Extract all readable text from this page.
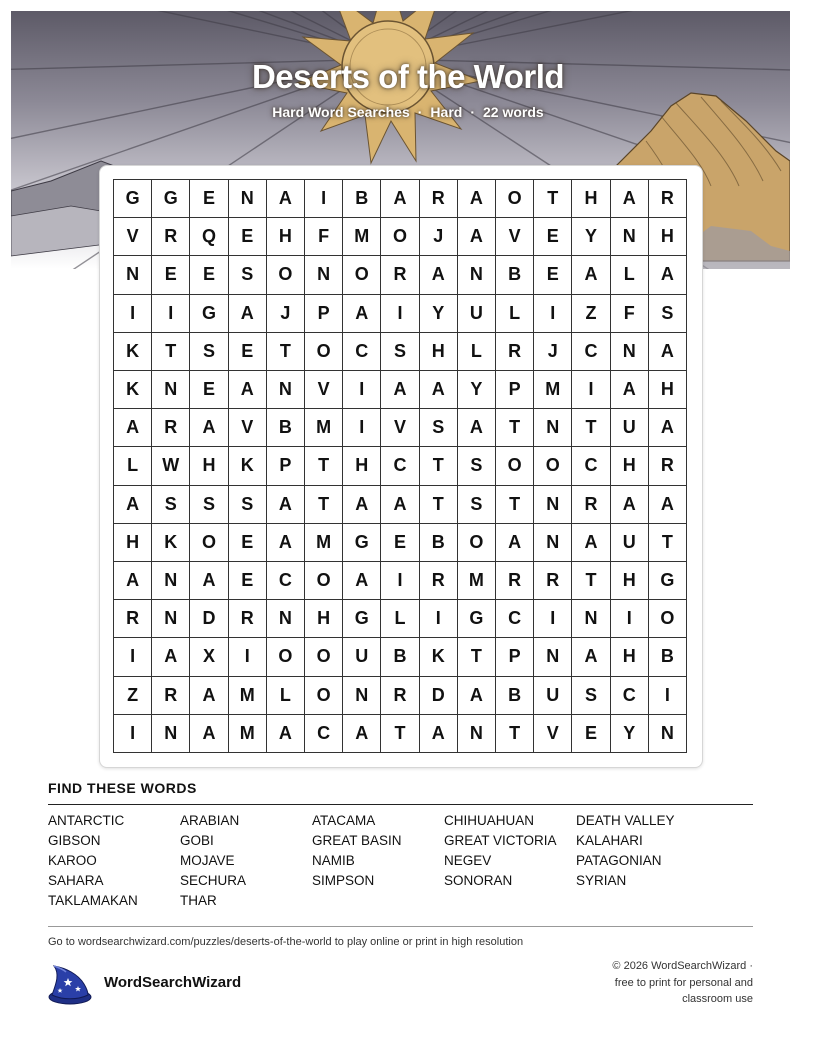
Deserts of the World
Hard Word Searches · Hard · 22 words
G	G	E	N	A	I	B	A	R	A	O	T	H	A	R
V	R	Q	E	H	F	M	O	J	A	V	E	Y	N	H
N	E	E	S	O	N	O	R	A	N	B	E	A	L	A
I	I	G	A	J	P	A	I	Y	U	L	I	Z	F	S
K	T	S	E	T	O	C	S	H	L	R	J	C	N	A
K	N	E	A	N	V	I	A	A	Y	P	M	I	A	H
A	R	A	V	B	M	I	V	S	A	T	N	T	U	A
L	W	H	K	P	T	H	C	T	S	O	O	C	H	R
A	S	S	S	A	T	A	A	T	S	T	N	R	A	A
H	K	O	E	A	M	G	E	B	O	A	N	A	U	T
A	N	A	E	C	O	A	I	R	M	R	R	T	H	G
R	N	D	R	N	H	G	L	I	G	C	I	N	I	O
I	A	X	I	O	O	U	B	K	T	P	N	A	H	B
Z	R	A	M	L	O	N	R	D	A	B	U	S	C	I
I	N	A	M	A	C	A	T	A	N	T	V	E	Y	N
FIND THESE WORDS
ANTARCTIC	ARABIAN	ATACAMA	CHIHUAHUAN	DEATH VALLEY
GIBSON	GOBI	GREAT BASIN	GREAT VICTORIA	KALAHARI
KAROO	MOJAVE	NAMIB	NEGEV	PATAGONIAN
SAHARA	SECHURA	SIMPSON	SONORAN	SYRIAN
TAKLAMAKAN	THAR
Go to wordsearchwizard.com/puzzles/deserts-of-the-world to play online or print in high resolution
WordSearchWizard
© 2026 WordSearchWizard ·
free to print for personal and
classroom use
